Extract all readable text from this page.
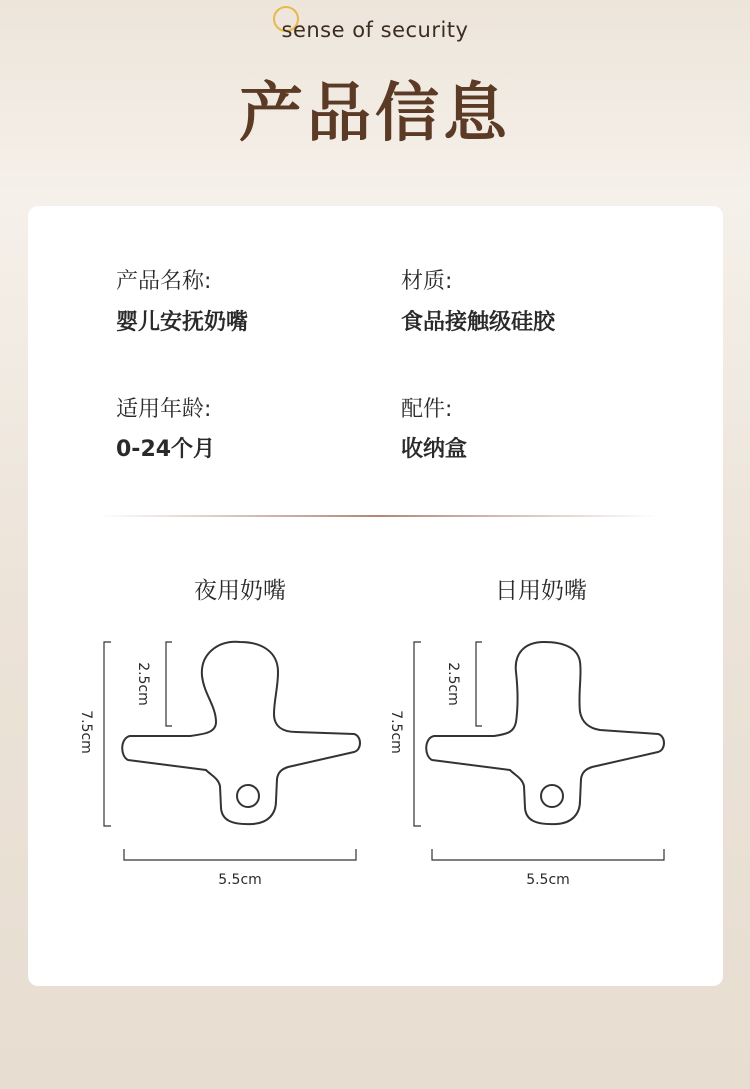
sense of security
产品信息
产品名称:
婴儿安抚奶嘴
材质:
食品接触级硅胶
适用年龄:
0-24个月
配件:
收纳盒
夜用奶嘴	日用奶嘴
7.5cm
2.5cm
5.5cm
7.5cm
2.5cm
5.5cm
